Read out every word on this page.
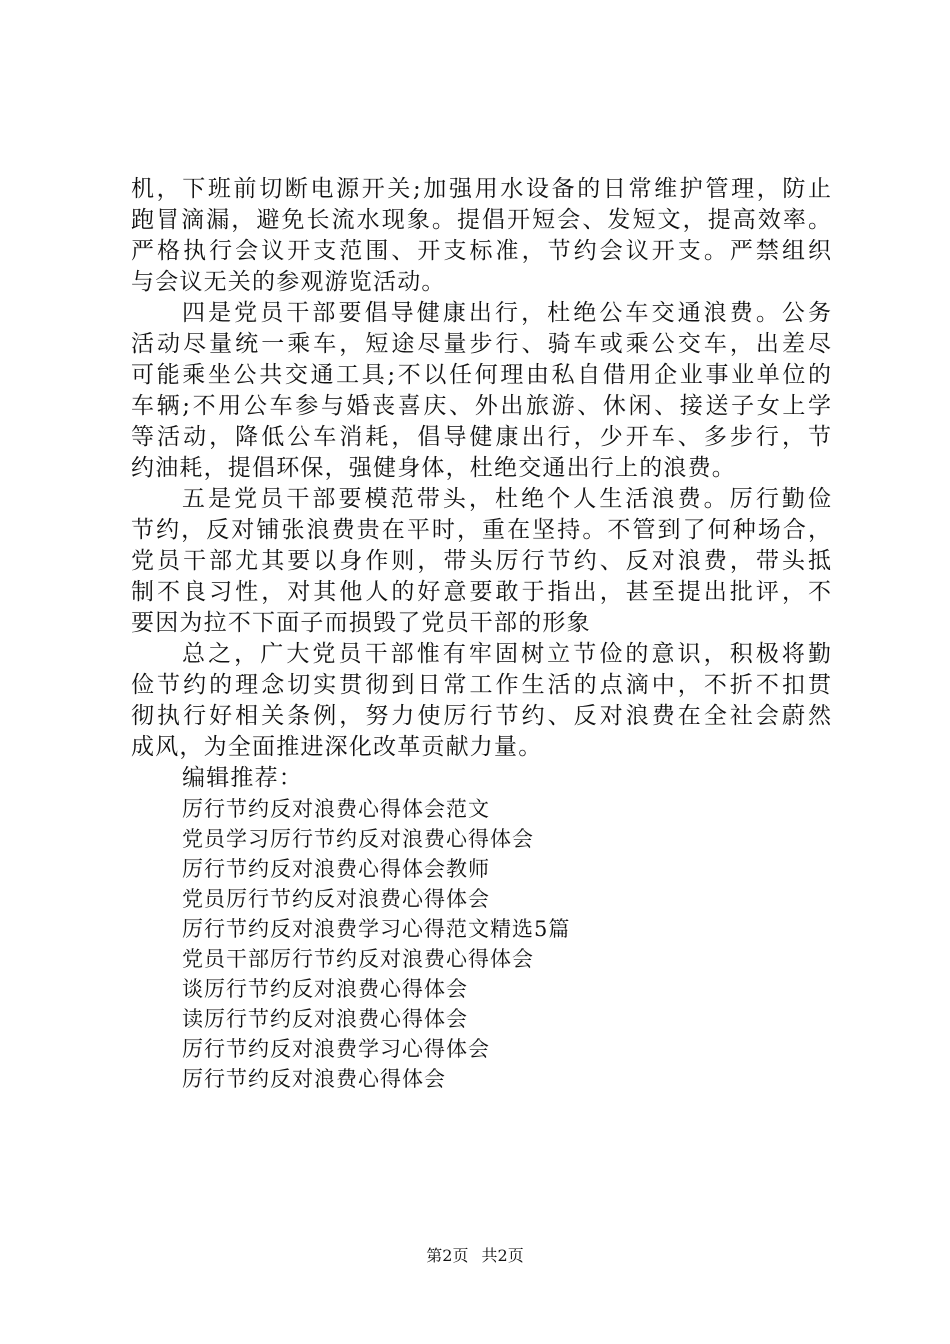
机，下班前切断电源开关;加强用水设备的日常维护管理，防止
跑冒滴漏，避免长流水现象。提倡开短会、发短文，提高效率。
严格执行会议开支范围、开支标准，节约会议开支。严禁组织
与会议无关的参观游览活动。
四是党员干部要倡导健康出行，杜绝公车交通浪费。公务
活动尽量统一乘车，短途尽量步行、骑车或乘公交车，出差尽
可能乘坐公共交通工具;不以任何理由私自借用企业事业单位的
车辆;不用公车参与婚丧喜庆、外出旅游、休闲、接送子女上学
等活动，降低公车消耗，倡导健康出行，少开车、多步行，节
约油耗，提倡环保，强健身体，杜绝交通出行上的浪费。
五是党员干部要模范带头，杜绝个人生活浪费。厉行勤俭
节约，反对铺张浪费贵在平时，重在坚持。不管到了何种场合，
党员干部尤其要以身作则，带头厉行节约、反对浪费，带头抵
制不良习性，对其他人的好意要敢于指出，甚至提出批评，不
要因为拉不下面子而损毁了党员干部的形象
总之，广大党员干部惟有牢固树立节俭的意识，积极将勤
俭节约的理念切实贯彻到日常工作生活的点滴中，不折不扣贯
彻执行好相关条例，努力使厉行节约、反对浪费在全社会蔚然
成风，为全面推进深化改革贡献力量。
编辑推荐：
厉行节约反对浪费心得体会范文
党员学习厉行节约反对浪费心得体会
厉行节约反对浪费心得体会教师
党员厉行节约反对浪费心得体会
厉行节约反对浪费学习心得范文精选5篇
党员干部厉行节约反对浪费心得体会
谈厉行节约反对浪费心得体会
读厉行节约反对浪费心得体会
厉行节约反对浪费学习心得体会
厉行节约反对浪费心得体会
第2页 共2页
